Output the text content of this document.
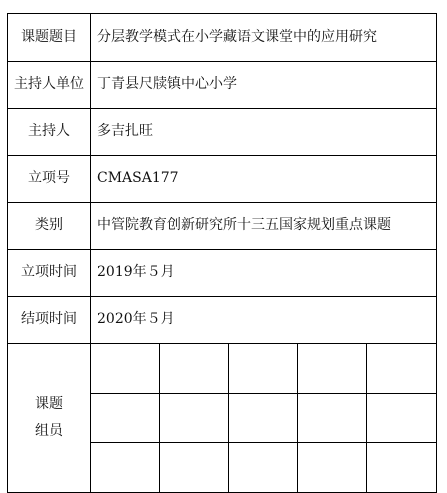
课题题目	分层教学模式在小学藏语文课堂中的应用研究				
主持人单位	丁青县尺牍镇中心小学				
主持人	多吉扎旺				
立项号	CMASA177				
类别	中管院教育创新研究所十三五国家规划重点课题				
立项时间	2019年５月				
结项时间	2020年５月				
课题
组员					
